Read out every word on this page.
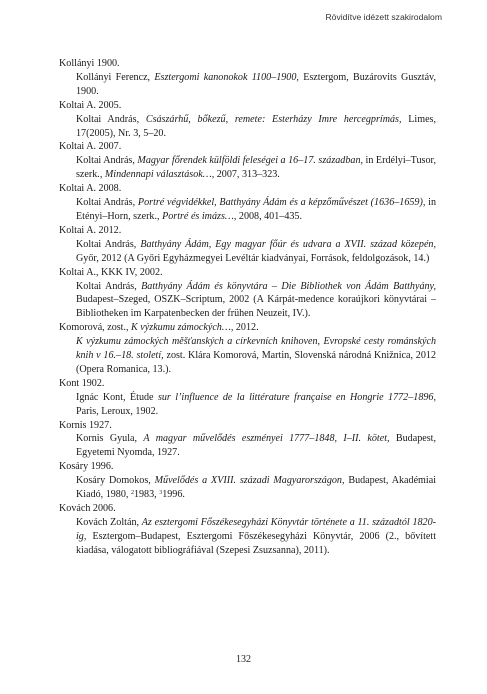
Rövidítve idézett szakirodalom
Kollányi 1900.
Kollányi Ferencz, Esztergomi kanonokok 1100–1900, Esztergom, Buzárovits Gusztáv, 1900.
Koltai A. 2005.
Koltai András, Császárhű, bőkezű, remete: Esterházy Imre hercegprímás, Limes, 17(2005), Nr. 3, 5–20.
Koltai A. 2007.
Koltai András, Magyar főrendek külföldi feleségei a 16–17. században, in Erdélyi–Tusor, szerk., Mindennapi választások…, 2007, 313–323.
Koltai A. 2008.
Koltai András, Portré végvidékkel, Batthyány Ádám és a képzőművészet (1636–1659), in Etényi–Horn, szerk., Portré és imázs…, 2008, 401–435.
Koltai A. 2012.
Koltai András, Batthyány Ádám, Egy magyar főúr és udvara a XVII. század közepén, Győr, 2012 (A Győri Egyházmegyei Levéltár kiadványai, Források, feldolgozások, 14.)
Koltai A., KKK IV, 2002.
Koltai András, Batthyány Ádám és könyvtára – Die Bibliothek von Ádám Batthyány, Budapest–Szeged, OSZK–Scriptum, 2002 (A Kárpát-medence koraújkori könyvtárai – Bibliotheken im Karpatenbecken der frühen Neuzeit, IV.).
Komorová, zost., K výzkumu zámockých…, 2012.
K výzkumu zámockých měšťanských a církevních knihoven, Evropské cesty románských knih v 16.–18. století, zost. Klára Komorová, Martin, Slovenská národná Knižnica, 2012 (Opera Romanica, 13.).
Kont 1902.
Ignác Kont, Étude sur l’influence de la littérature française en Hongrie 1772–1896, Paris, Leroux, 1902.
Kornis 1927.
Kornis Gyula, A magyar művelődés eszményei 1777–1848, I–II. kötet, Budapest, Egyetemi Nyomda, 1927.
Kosáry 1996.
Kosáry Domokos, Művelődés a XVIII. századi Magyarországon, Budapest, Akadémiai Kiadó, 1980, $^2$1983, $^3$1996.
Kovách 2006.
Kovách Zoltán, Az esztergomi Főszékesegyházi Könyvtár története a 11. századtól 1820-ig, Esztergom–Budapest, Esztergomi Főszékesegyházi Könyvtár, 2006 (2., bővített kiadása, válogatott bibliográfiával (Szepesi Zsuzsanna), 2011).
132
